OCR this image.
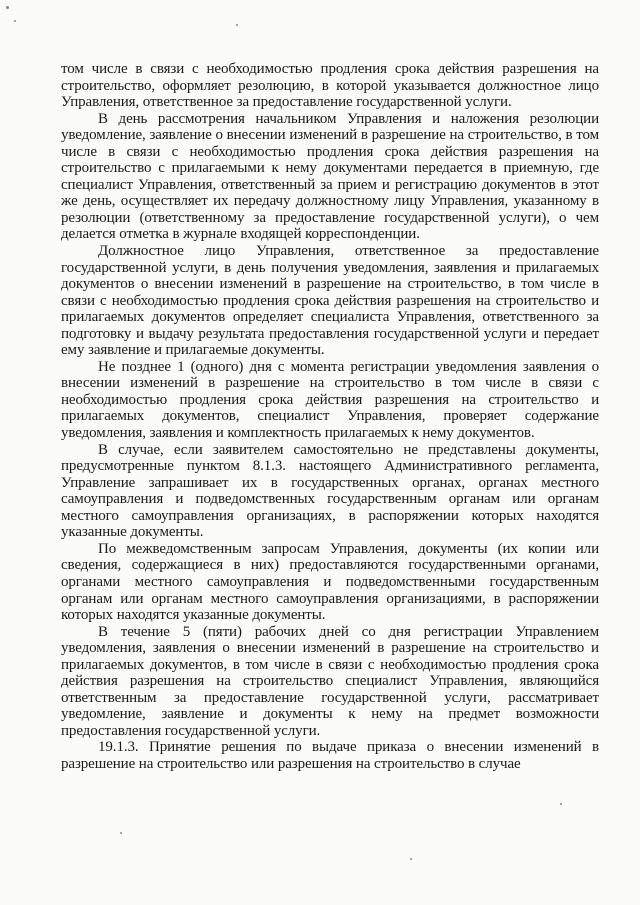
том числе в связи с необходимостью продления срока действия разрешения на строительство, оформляет резолюцию, в которой указывается должностное лицо Управления, ответственное за предоставление государственной услуги.

В день рассмотрения начальником Управления и наложения резолюции уведомление, заявление о внесении изменений в разрешение на строительство, в том числе в связи с необходимостью продления срока действия разрешения на строительство с прилагаемыми к нему документами передается в приемную, где специалист Управления, ответственный за прием и регистрацию документов в этот же день, осуществляет их передачу должностному лицу Управления, указанному в резолюции (ответственному за предоставление государственной услуги), о чем делается отметка в журнале входящей корреспонденции.

Должностное лицо Управления, ответственное за предоставление государственной услуги, в день получения уведомления, заявления и прилагаемых документов о внесении изменений в разрешение на строительство, в том числе в связи с необходимостью продления срока действия разрешения на строительство и прилагаемых документов определяет специалиста Управления, ответственного за подготовку и выдачу результата предоставления государственной услуги и передает ему заявление и прилагаемые документы.

Не позднее 1 (одного) дня с момента регистрации уведомления заявления о внесении изменений в разрешение на строительство в том числе в связи с необходимостью продления срока действия разрешения на строительство и прилагаемых документов, специалист Управления, проверяет содержание уведомления, заявления и комплектность прилагаемых к нему документов.

В случае, если заявителем самостоятельно не представлены документы, предусмотренные пунктом 8.1.3. настоящего Административного регламента, Управление запрашивает их в государственных органах, органах местного самоуправления и подведомственных государственным органам или органам местного самоуправления организациях, в распоряжении которых находятся указанные документы.

По межведомственным запросам Управления, документы (их копии или сведения, содержащиеся в них) предоставляются государственными органами, органами местного самоуправления и подведомственными государственным органам или органам местного самоуправления организациями, в распоряжении которых находятся указанные документы.

В течение 5 (пяти) рабочих дней со дня регистрации Управлением уведомления, заявления о внесении изменений в разрешение на строительство и прилагаемых документов, в том числе в связи с необходимостью продления срока действия разрешения на строительство специалист Управления, являющийся ответственным за предоставление государственной услуги, рассматривает уведомление, заявление и документы к нему на предмет возможности предоставления государственной услуги.

19.1.3. Принятие решения по выдаче приказа о внесении изменений в разрешение на строительство или разрешения на строительство в случае
